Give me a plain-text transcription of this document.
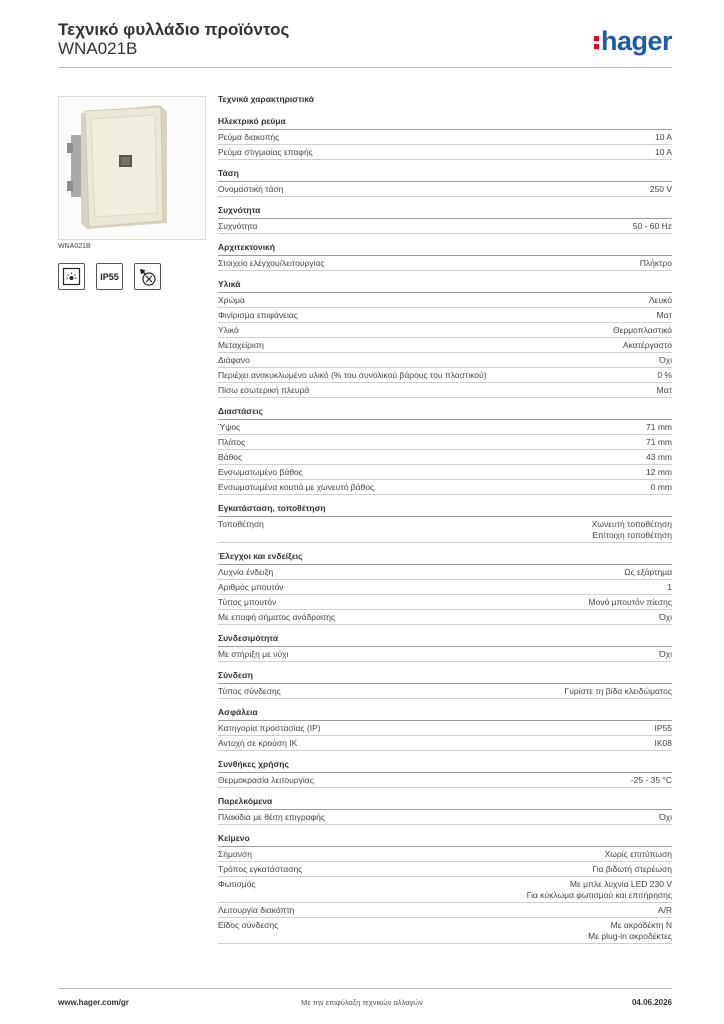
Τεχνικό φυλλάδιο προϊόντος
WNA021B	hager
WNA021B
IP55
Τεχνικά χαρακτηριστικά
Ηλεκτρικό ρεύμα
Ρεύμα διακοπής	10 A
Ρεύμα στιγμιαίας επαφής	10 A
Τάση
Ονομαστική τάση	250 V
Συχνότητα
Συχνότητα	50 - 60 Hz
Αρχιτεκτονική
Στοιχείο ελέγχου/λειτουργίας	Πλήκτρο
Υλικά
Χρώμα	Λευκό
Φινίρισμα επιφάνειας	Ματ
Υλικό	Θερμοπλαστικό
Μεταχείριση	Ακατέργαστο
Διάφανο	Όχι
Περιέχει ανακυκλωμένο υλικό (% του συνολικού βάρους του πλαστικού)	0 %
Πίσω εσωτερική πλευρά	Ματ
Διαστάσεις
Ύψος	71 mm
Πλάτος	71 mm
Βάθος	43 mm
Ενσωματωμένο βάθος	12 mm
Ενσωματωμένα κουτιά με χωνευτό βάθος	0 mm
Εγκατάσταση, τοποθέτηση
Τοποθέτηση	Χωνευτή τοποθέτηση
Επίτοιχη τοποθέτηση
Έλεγχοι και ενδείξεις
Λυχνία ένδειξη	Ως εξάρτημα
Αριθμός μπουτόν	1
Τύπος μπουτόν	Μονό μπουτόν πίεσης
Με επαφή σήματος ανάδρασης	Όχι
Συνδεσιμότητα
Με στήριξη με νύχι	Όχι
Σύνδεση
Τύπος σύνδεσης	Γυρίστε τη βίδα κλειδώματος
Ασφάλεια
Κατηγορία προστασίας (IP)	IP55
Αντοχή σε κρούση IK	IK08
Συνθήκες χρήσης
Θερμοκρασία λειτουργίας	-25 - 35 °C
Παρελκόμενα
Πλακίδια με θέση επιγραφής	Όχι
Κείμενο
Σήμανση	Χωρίς επιτύπωση
Τρόπος εγκατάστασης	Για βιδωτή στερέωση
Φωτισμός	Με μπλε λυχνία LED 230 V
Για κύκλωμα φωτισμού και επιτήρησης
Λειτουργία διακόπτη	A/R
Είδος σύνδεσης	Με ακροδέκτη N
Με plug-in ακροδέκτες
www.hager.com/gr	Με την επιφύλαξη τεχνικών αλλαγών	04.06.2026
